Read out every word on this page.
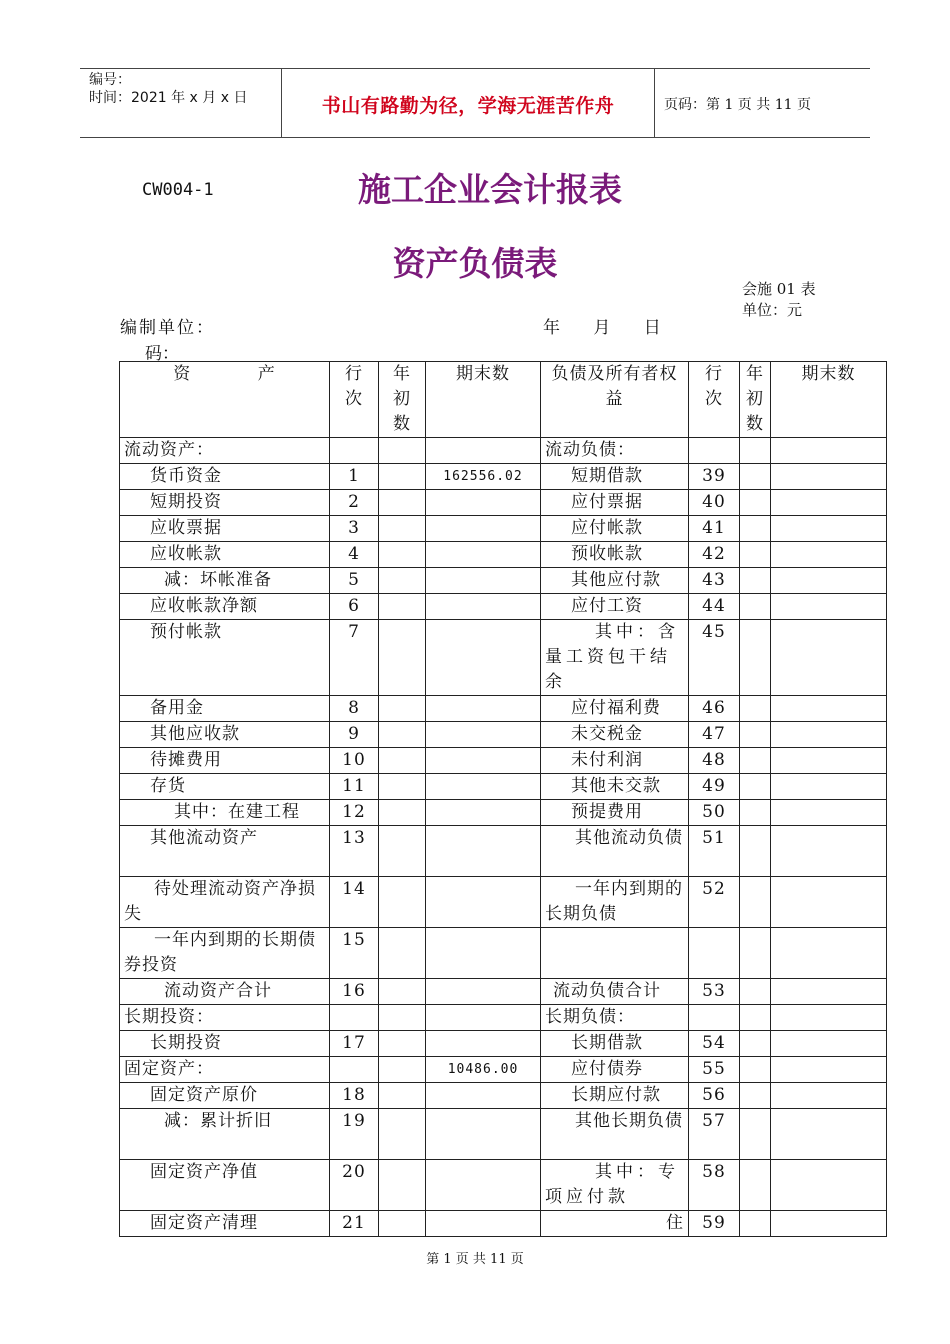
编号：
时间：2021 年 x 月 x 日	书山有路勤为径，学海无涯苦作舟	页码：第 1 页 共 11 页
CW004-1	施工企业会计报表
资产负债表
会施 01 表
单位：元
编制单位：	年 月 日
码：
资 产	行次	年初数	期末数	负债及所有者权益	行次	年初数	期末数
流动资产：				流动负债：			
货币资金	1		162556.02	短期借款	39		
短期投资	2			应付票据	40		
应收票据	3			应付帐款	41		
应收帐款	4			预收帐款	42		
减：坏帐准备	5			其他应付款	43		
应收帐款净额	6			应付工资	44		
预付帐款	7			其中：含量工资包干结余	45		
备用金	8			应付福利费	46		
其他应收款	9			未交税金	47		
待摊费用	10			未付利润	48		
存货	11			其他未交款	49		
其中：在建工程	12			预提费用	50		
其他流动资产	13			其他流动负债	51		
待处理流动资产净损失	14			一年内到期的长期负债	52		
一年内到期的长期债券投资	15						
流动资产合计	16			流动负债合计	53		
长期投资：				长期负债：			
长期投资	17			长期借款	54		
固定资产：			10486.00	应付债券	55		
固定资产原价	18			长期应付款	56		
减：累计折旧	19			其他长期负债	57		
固定资产净值	20			其中：专项应付款	58		
固定资产清理	21			住	59		
第 1 页 共 11 页
